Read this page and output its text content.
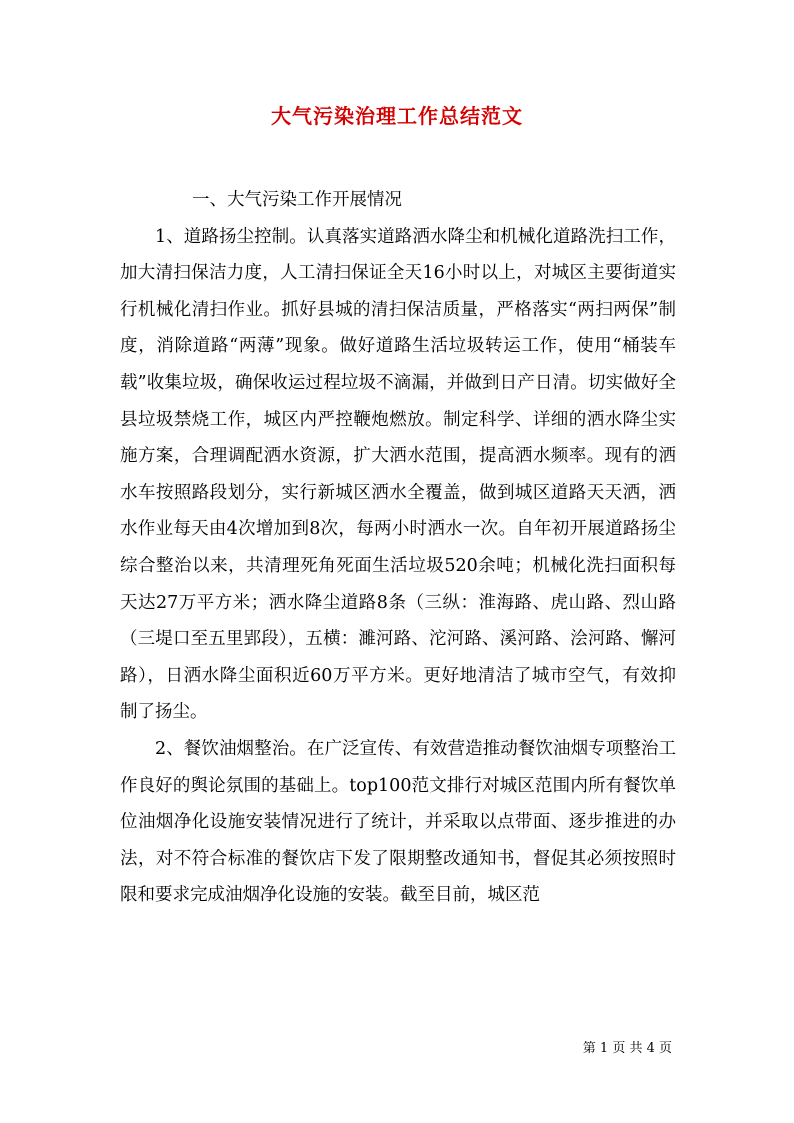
大气污染治理工作总结范文

一、大气污染工作开展情况

1、道路扬尘控制。认真落实道路洒水降尘和机械化道路洗扫工作，加大清扫保洁力度，人工清扫保证全天16小时以上，对城区主要街道实行机械化清扫作业。抓好县城的清扫保洁质量，严格落实“两扫两保”制度，消除道路“两薄”现象。做好道路生活垃圾转运工作，使用“桶装车载”收集垃圾，确保收运过程垃圾不滴漏，并做到日产日清。切实做好全县垃圾禁烧工作，城区内严控鞭炮燃放。制定科学、详细的洒水降尘实施方案，合理调配洒水资源，扩大洒水范围，提高洒水频率。现有的洒水车按照路段划分，实行新城区洒水全覆盖，做到城区道路天天洒，洒水作业每天由4次增加到8次，每两小时洒水一次。自年初开展道路扬尘综合整治以来，共清理死角死面生活垃圾520余吨；机械化洗扫面积每天达27万平方米；洒水降尘道路8条（三纵：淮海路、虎山路、烈山路（三堤口至五里郢段），五横：濉河路、沱河路、溪河路、浍河路、懈河路），日洒水降尘面积近60万平方米。更好地清洁了城市空气，有效抑制了扬尘。

2、餐饮油烟整治。在广泛宣传、有效营造推动餐饮油烟专项整治工作良好的舆论氛围的基础上。top100范文排行对城区范围内所有餐饮单位油烟净化设施安装情况进行了统计，并采取以点带面、逐步推进的办法，对不符合标准的餐饮店下发了限期整改通知书，督促其必须按照时限和要求完成油烟净化设施的安装。截至目前，城区范

第 1 页 共 4 页
